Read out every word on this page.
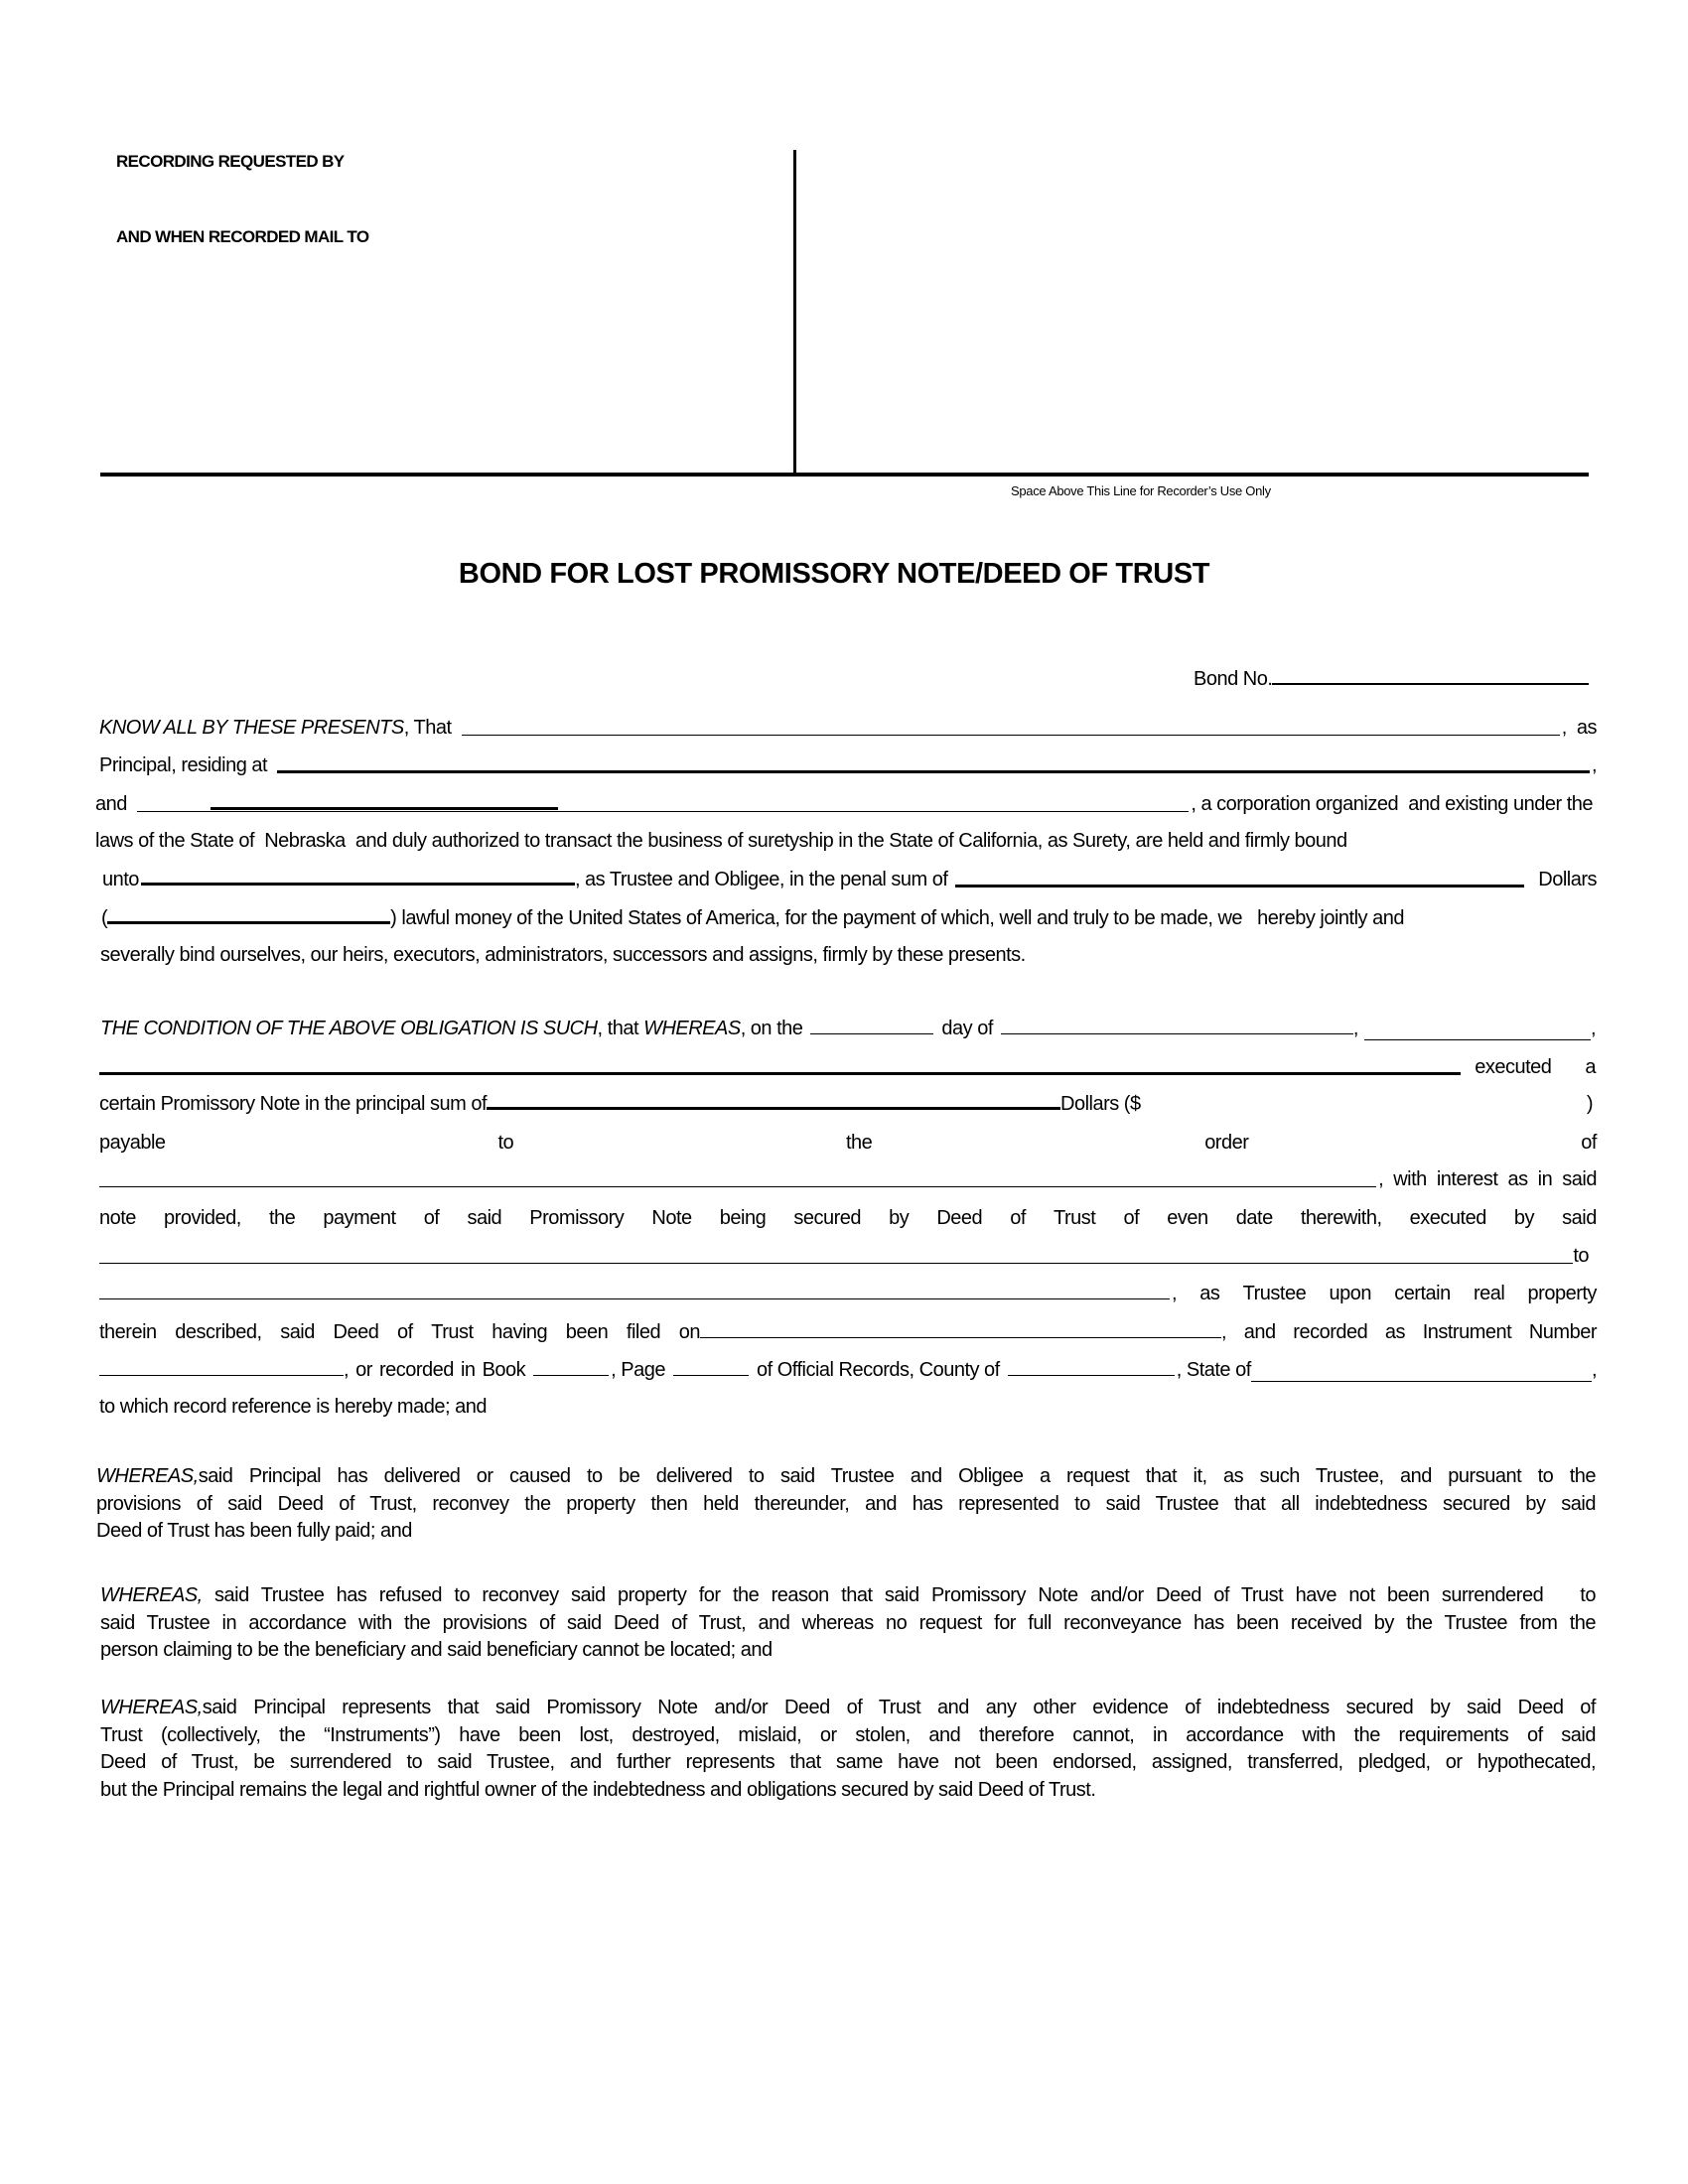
RECORDING REQUESTED BY
AND WHEN RECORDED MAIL TO
Space Above This Line for Recorder’s Use Only
BOND FOR LOST PROMISSORY NOTE/DEED OF TRUST
Bond No.
KNOW ALL BY THESE PRESENTS , That	,  as
Principal, residing at	,
and	, a corporation organized  and existing under the
laws of the State of  Nebraska  and duly authorized to transact the business of suretyship in the State of California, as Surety, are held and firmly bound
unto	, as Trustee and Obligee, in the penal sum of	Dollars
(	) lawful money of the United States of America, for the payment of which, well and truly to be made, we   hereby jointly and
severally bind ourselves, our heirs, executors, administrators, successors and assigns, firmly by these presents.
THE CONDITION OF THE ABOVE OBLIGATION IS SUCH , that WHEREAS , on the	day of	,	,
executed a
certain Promissory Note in the principal sum of	Dollars ($	)
payable	to	the	order	of
, with interest as in said
note provided, the payment of said Promissory Note being secured by Deed of Trust of even date therewith, executed by said
to
, as Trustee upon certain real property
therein described, said Deed of Trust having been filed on	, and recorded as Instrument Number
, or recorded in Book	, Page	of Official Records, County of	, State of	,
to which record reference is hereby made; and
WHEREAS, said Principal has delivered or caused to be delivered to said Trustee and Obligee a request that it, as such Trustee, and pursuant to the
provisions of said Deed of Trust, reconvey the property then held thereunder, and has represented to said Trustee that all indebtedness secured by said
Deed of Trust has been fully paid; and
WHEREAS, said Trustee has refused to reconvey said property for the reason that said Promissory Note and/or Deed of Trust have not been surrendered   to
said Trustee in accordance with the provisions of said Deed of Trust, and whereas no request for full reconveyance has been received by the Trustee from the
person claiming to be the beneficiary and said beneficiary cannot be located; and
WHEREAS, said Principal represents that said Promissory Note and/or Deed of Trust and any other evidence of indebtedness secured by said Deed of
Trust (collectively, the “Instruments”) have been lost, destroyed, mislaid, or stolen, and therefore cannot, in accordance with the requirements of said
Deed of Trust, be surrendered to said Trustee, and further represents that same have not been endorsed, assigned, transferred, pledged, or hypothecated,
but the Principal remains the legal and rightful owner of the indebtedness and obligations secured by said Deed of Trust.
